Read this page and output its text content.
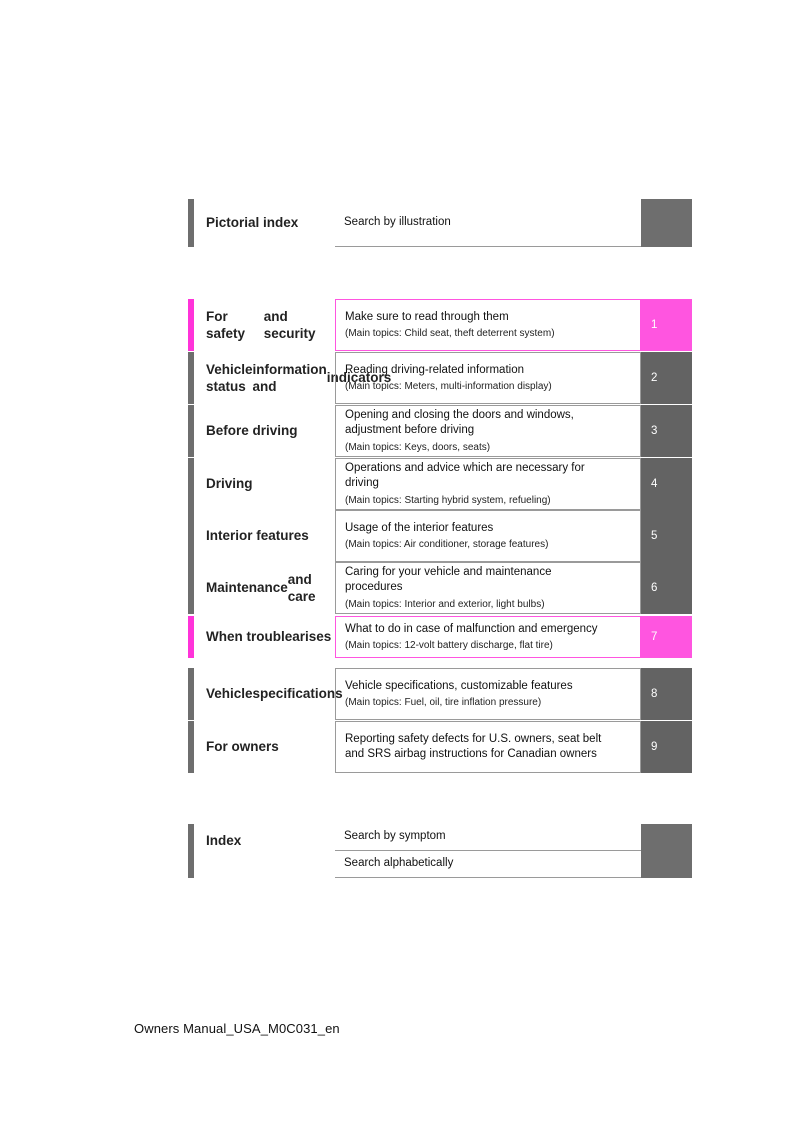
Pictorial index	Search by illustration
For safety
and security
Make sure to read through them
(Main topics: Child seat, theft deterrent system)
1
Vehicle status
information and
indicators
Reading driving-related information
(Main topics: Meters, multi-information display)
2
Before driving
Opening and closing the doors and windows,
adjustment before driving
(Main topics: Keys, doors, seats)
3
Driving
Operations and advice which are necessary for
driving
(Main topics: Starting hybrid system, refueling)
4
Interior features
Usage of the interior features
(Main topics: Air conditioner, storage features)
5
Maintenance
and care
Caring for your vehicle and maintenance
procedures
(Main topics: Interior and exterior, light bulbs)
6
When trouble arises
What to do in case of malfunction and emergency
(Main topics: 12-volt battery discharge, flat tire)
7
Vehicle specifications
Vehicle specifications, customizable features
(Main topics: Fuel, oil, tire inflation pressure)
8
For owners
Reporting safety defects for U.S. owners, seat belt
and SRS airbag instructions for Canadian owners
9
Index	Search by symptom
Search alphabetically
Owners Manual_USA_M0C031_en
